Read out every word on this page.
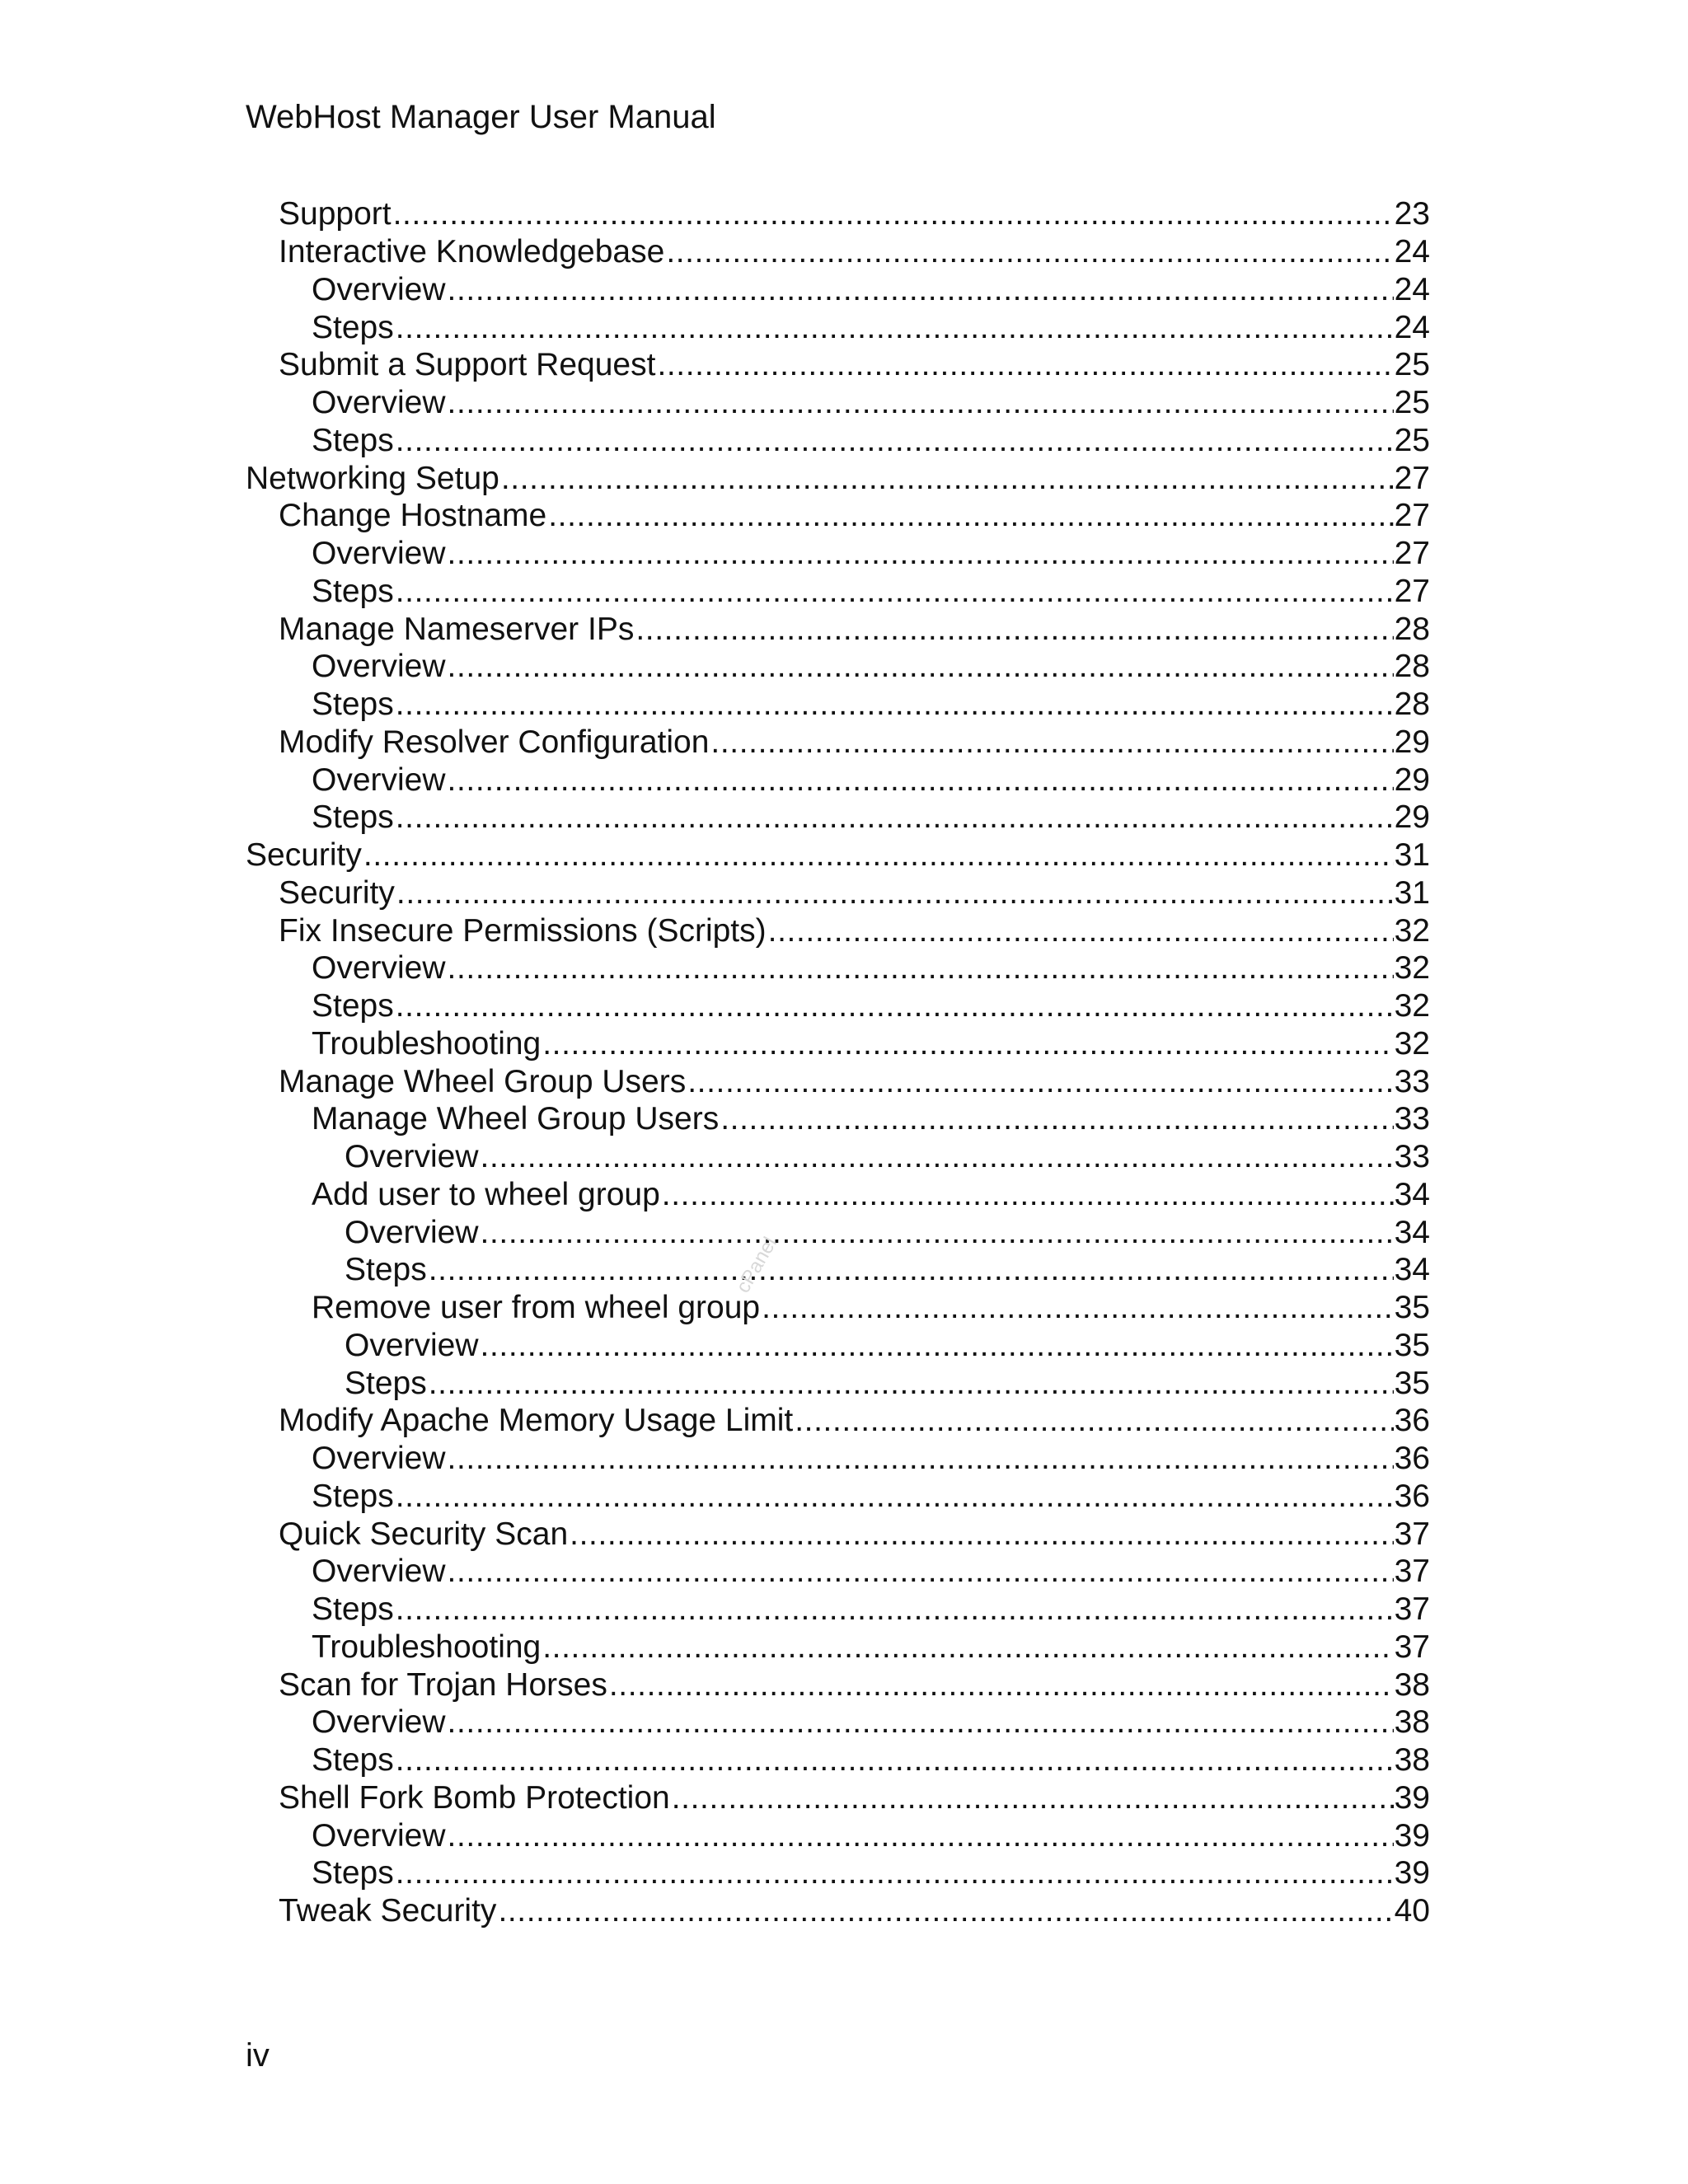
WebHost Manager User Manual
Support .....	23
Interactive Knowledgebase .....	24
Overview .....	24
Steps .....	24
Submit a Support Request .....	25
Overview .....	25
Steps .....	25
Networking Setup .....	27
Change Hostname .....	27
Overview .....	27
Steps .....	27
Manage Nameserver IPs .....	28
Overview .....	28
Steps .....	28
Modify Resolver Configuration .....	29
Overview .....	29
Steps .....	29
Security .....	31
Security .....	31
Fix Insecure Permissions (Scripts) .....	32
Overview .....	32
Steps .....	32
Troubleshooting .....	32
Manage Wheel Group Users .....	33
Manage Wheel Group Users .....	33
Overview .....	33
Add user to wheel group .....	34
Overview .....	34
Steps .....	34
Remove user from wheel group .....	35
Overview .....	35
Steps .....	35
Modify Apache Memory Usage Limit .....	36
Overview .....	36
Steps .....	36
Quick Security Scan .....	37
Overview .....	37
Steps .....	37
Troubleshooting .....	37
Scan for Trojan Horses .....	38
Overview .....	38
Steps .....	38
Shell Fork Bomb Protection .....	39
Overview .....	39
Steps .....	39
Tweak Security .....	40
cPanel
iv
